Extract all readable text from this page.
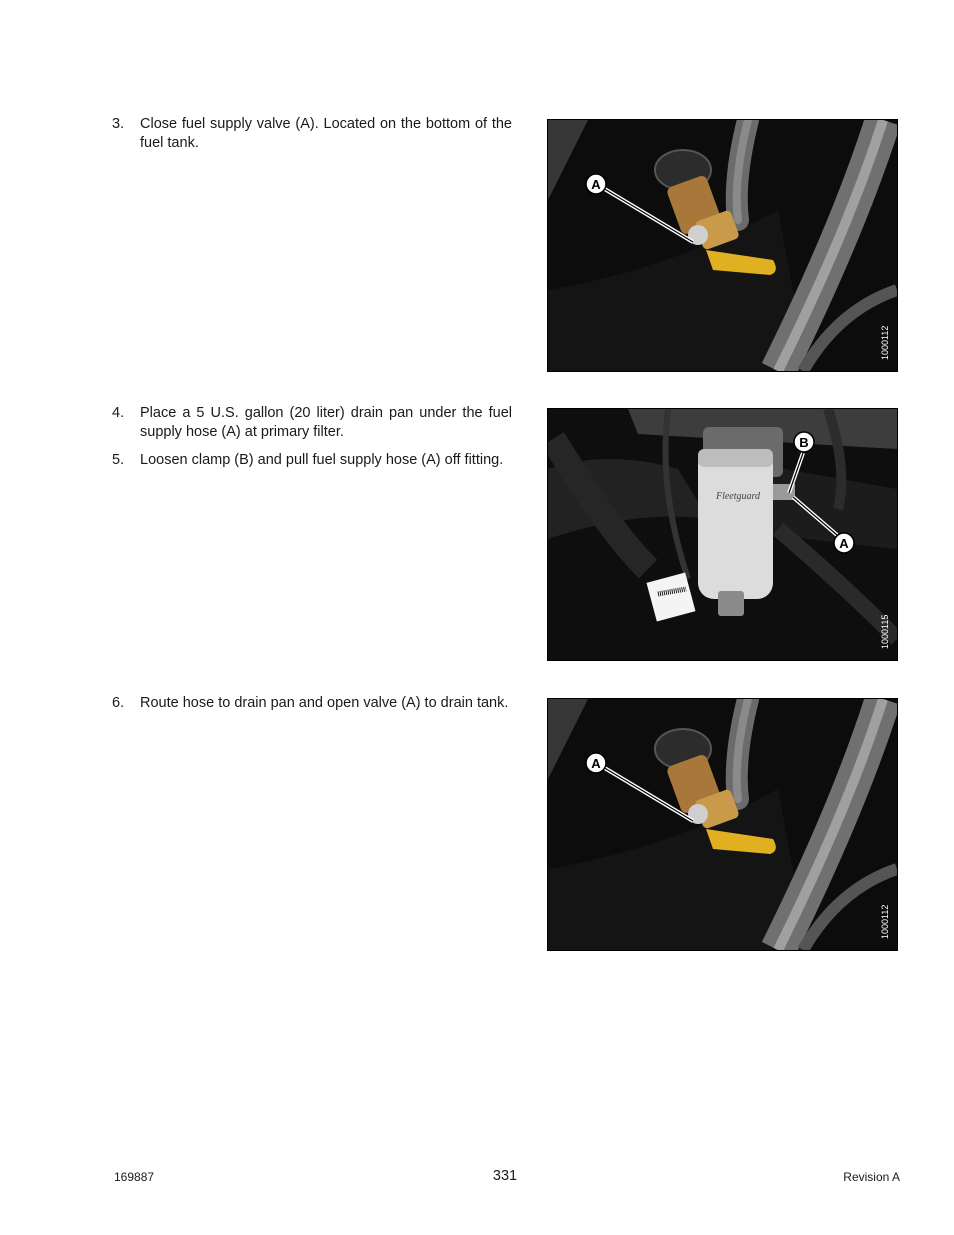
3. Close fuel supply valve (A). Located on the bottom of the fuel tank.
4. Place a 5 U.S. gallon (20 liter) drain pan under the fuel supply hose (A) at primary filter.
5. Loosen clamp (B) and pull fuel supply hose (A) off fitting.
6. Route hose to drain pan and open valve (A) to drain tank.
A
1000112
Fleetguard
B
A
1000115
A
1000112
169887	331	Revision A
